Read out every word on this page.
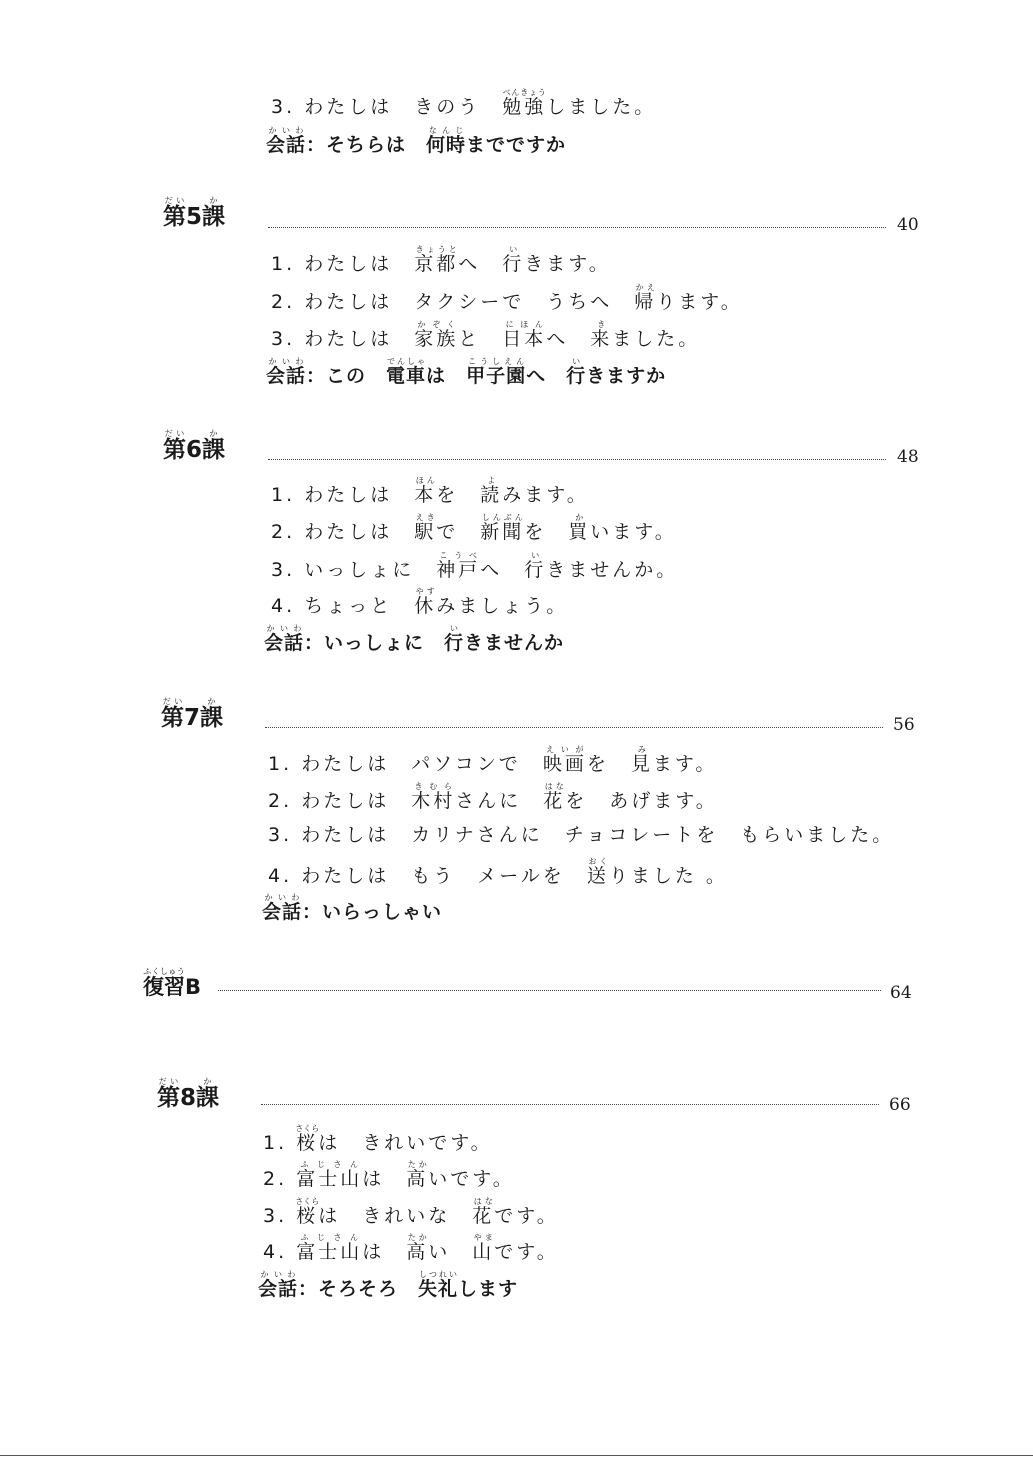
3. わたしは　きのう　勉強べんきょうしました。
会話かいわ：そちらは　何時なんじまでですか
第だい5課か
40
1. わたしは　京都きょうとへ　行いきます。
2. わたしは　タクシーで　うちへ　帰かえります。
3. わたしは　家族かぞくと　日本にほんへ　来きました。
会話かいわ：この　電車でんしゃは　甲子園こうしえんへ　行いきますか
第だい6課か
48
1. わたしは　本ほんを　読よみます。
2. わたしは　駅えきで　新聞しんぶんを　買かいます。
3. いっしょに　神戸こうべへ　行いきませんか。
4. ちょっと　休やすみましょう。
会話かいわ：いっしょに　行いきませんか
第だい7課か
56
1. わたしは　パソコンで　映画えいがを　見みます。
2. わたしは　木村きむらさんに　花はなを　あげます。
3. わたしは　カリナさんに　チョコレートを　もらいました。
4. わたしは　もう　メールを　送おくりました 。
会話かいわ：いらっしゃい
復習ふくしゅうB	64
第だい8課か
66
1. 桜さくらは　きれいです。
2. 富士山ふじさんは　高たかいです。
3. 桜さくらは　きれいな　花はなです。
4. 富士山ふじさんは　高たかい　山やまです。
会話かいわ：そろそろ　失礼しつれいします
